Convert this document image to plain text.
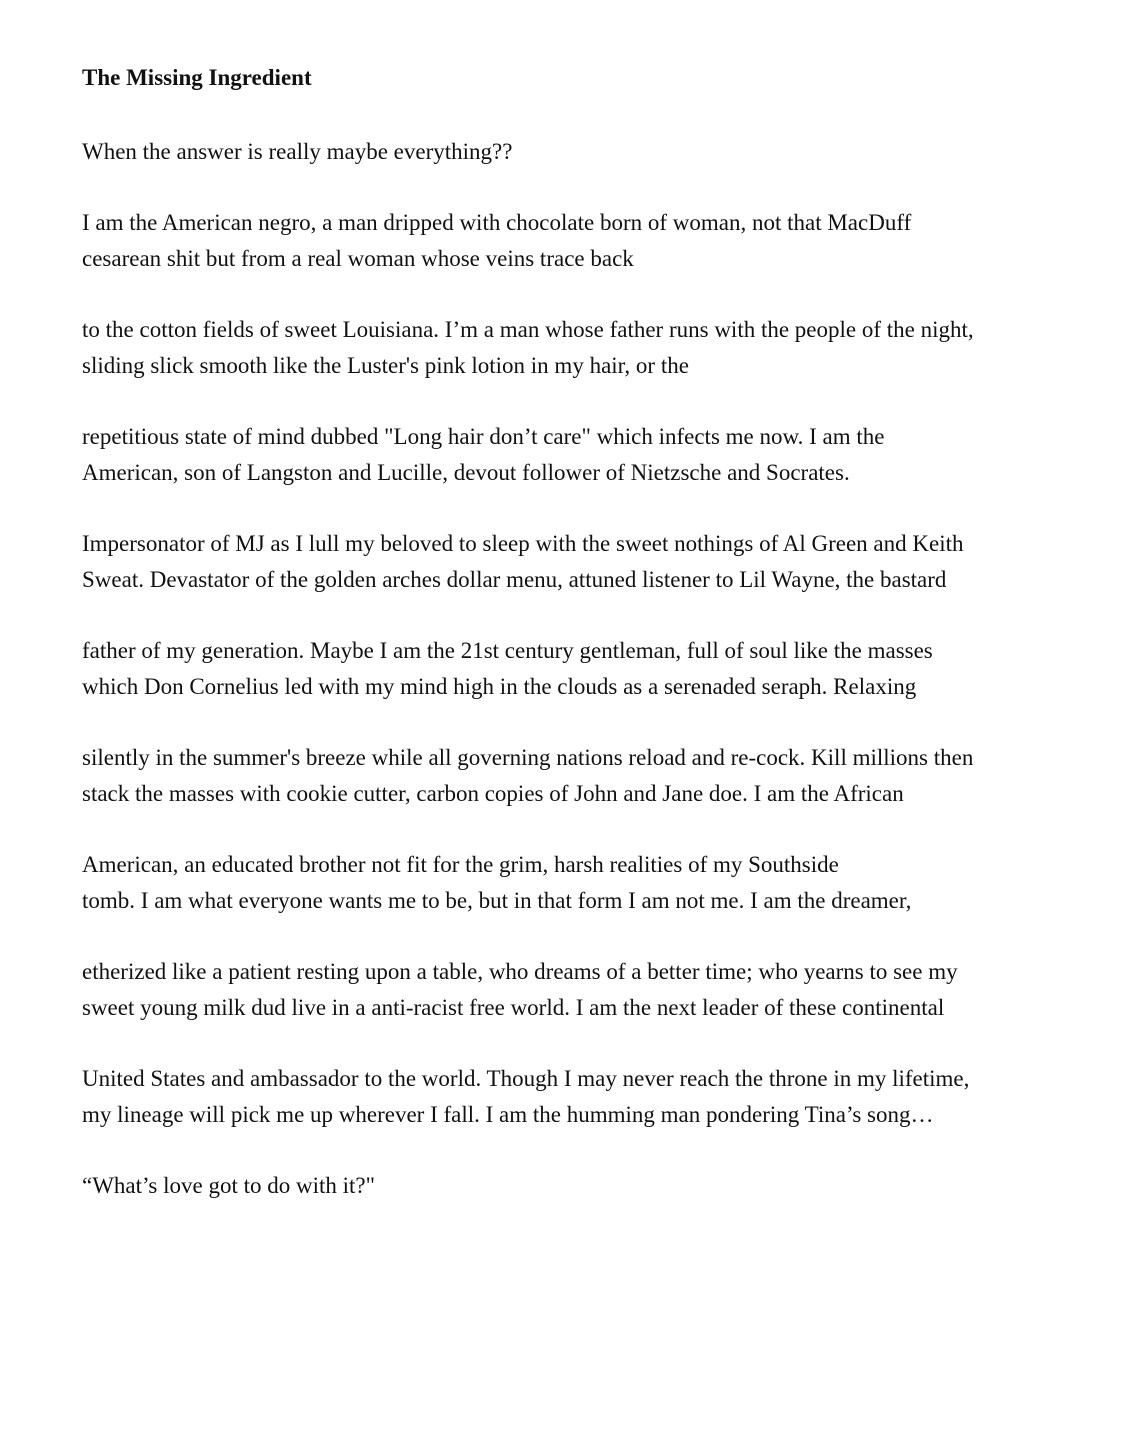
The Missing Ingredient
When the answer is really maybe everything??
I am the American negro, a man dripped with chocolate born of woman, not that MacDuff
cesarean shit but from a real woman whose veins trace back
to the cotton fields of sweet Louisiana. I’m a man whose father runs with the people of the night,
sliding slick smooth like the Luster's pink lotion in my hair, or the
repetitious state of mind dubbed "Long hair don’t care" which infects me now. I am the
American, son of Langston and Lucille, devout follower of Nietzsche and Socrates.
Impersonator of MJ as I lull my beloved to sleep with the sweet nothings of Al Green and Keith
Sweat. Devastator of the golden arches dollar menu, attuned listener to Lil Wayne, the bastard
father of my generation. Maybe I am the 21st century gentleman, full of soul like the masses
which Don Cornelius led with my mind high in the clouds as a serenaded seraph. Relaxing
silently in the summer's breeze while all governing nations reload and re-cock. Kill millions then
stack the masses with cookie cutter, carbon copies of John and Jane doe. I am the African
American, an educated brother not fit for the grim, harsh realities of my Southside
tomb. I am what everyone wants me to be, but in that form I am not me. I am the dreamer,
etherized like a patient resting upon a table, who dreams of a better time; who yearns to see my
sweet young milk dud live in a anti-racist free world. I am the next leader of these continental
United States and ambassador to the world. Though I may never reach the throne in my lifetime,
my lineage will pick me up wherever I fall. I am the humming man pondering Tina’s song…
“What’s love got to do with it?"
